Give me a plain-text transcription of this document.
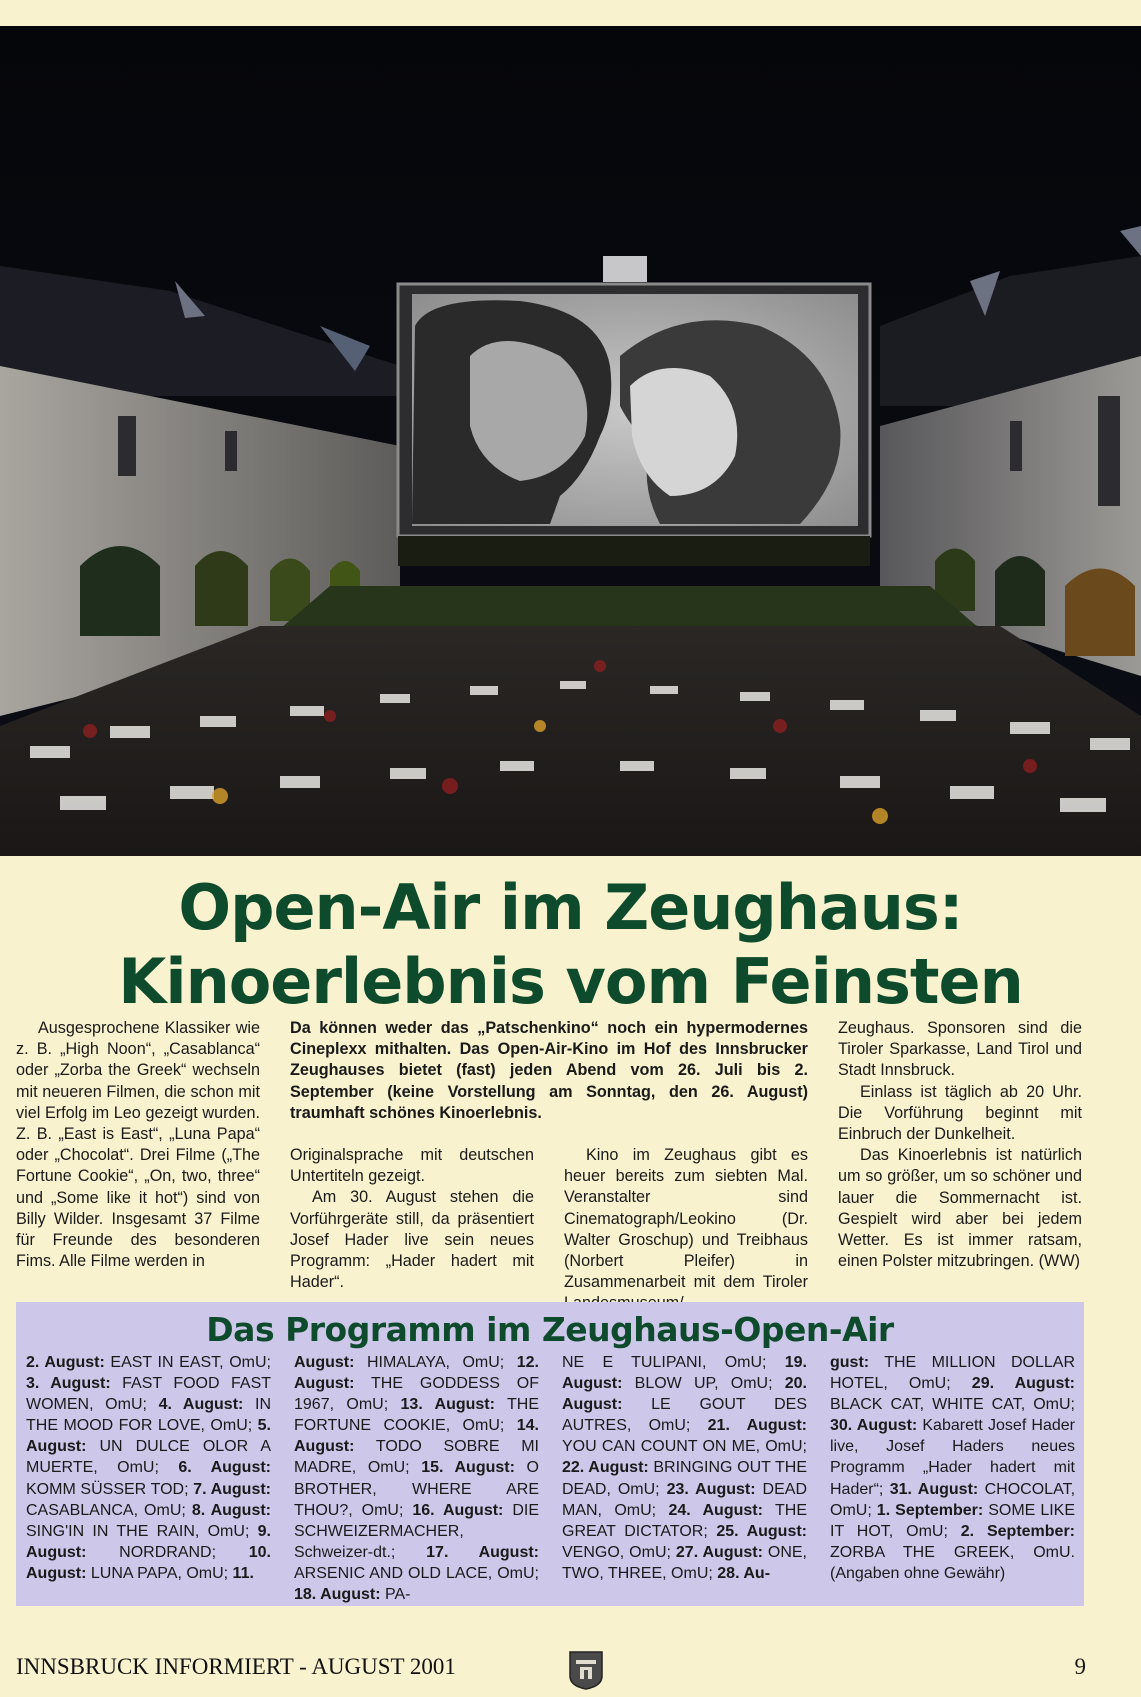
Open-Air im Zeughaus:
Kinoerlebnis vom Feinsten

Ausgesprochene Klassiker wie z. B. „High Noon“, „Casablanca“ oder „Zorba the Greek“ wechseln mit neueren Filmen, die schon mit viel Erfolg im Leo gezeigt wurden. Z. B. „East is East“, „Luna Papa“ oder „Chocolat“. Drei Filme („The Fortune Cookie“, „On, two, three“ und „Some like it hot“) sind von Billy Wilder. Insgesamt 37 Filme für Freunde des besonderen Fims. Alle Filme werden in

Da können weder das „Patschenkino“ noch ein hypermodernes Cineplexx mithalten. Das Open-Air-Kino im Hof des Innsbrucker Zeughauses bietet (fast) jeden Abend vom 26. Juli bis 2. September (keine Vorstellung am Sonntag, den 26. August) traumhaft schönes Kinoerlebnis.

Originalsprache mit deutschen Untertiteln gezeigt.

Am 30. August stehen die Vorführgeräte still, da präsentiert Josef Hader live sein neues Programm: „Hader hadert mit Hader“.

Kino im Zeughaus gibt es heuer bereits zum siebten Mal. Veranstalter sind Cinematograph/Leokino (Dr. Walter Groschup) und Treibhaus (Norbert Pleifer) in Zusammenarbeit mit dem Tiroler

Zeughaus. Sponsoren sind die Tiroler Sparkasse, Land Tirol und Stadt Innsbruck.

Einlass ist täglich ab 20 Uhr. Die Vorführung beginnt mit Einbruch der Dunkelheit.

Das Kinoerlebnis ist natürlich um so größer, um so schöner und lauer die Sommernacht ist. Gespielt wird aber bei jedem Wetter. Es ist immer ratsam, einen Polster mitzubringen. (WW)

Das Programm im Zeughaus-Open-Air
2. August: EAST IN EAST, OmU; 3. August: FAST FOOD FAST WOMEN, OmU; 4. August: IN THE MOOD FOR LOVE, OmU; 5. August: UN DULCE OLOR A MUERTE, OmU; 6. August: KOMM SÜSSER TOD; 7. August: CASABLANCA, OmU; 8. August: SING'IN IN THE RAIN, OmU; 9. August: NORDRAND; 10. August: LUNA PAPA, OmU; 11.
August: HIMALAYA, OmU; 12. August: THE GODDESS OF 1967, OmU; 13. August: THE FORTUNE COOKIE, OmU; 14. August: TODO SOBRE MI MADRE, OmU; 15. August: O BROTHER, WHERE ARE THOU?, OmU; 16. August: DIE SCHWEIZERMACHER, Schweizer-dt.; 17. August: ARSENIC AND OLD LACE, OmU; 18. August: PA-
NE E TULIPANI, OmU; 19. August: BLOW UP, OmU; 20. August: LE GOUT DES AUTRES, OmU; 21. August: YOU CAN COUNT ON ME, OmU; 22. August: BRINGING OUT THE DEAD, OmU; 23. August: DEAD MAN, OmU; 24. August: THE GREAT DICTATOR; 25. August: VENGO, OmU; 27. August: ONE, TWO, THREE, OmU; 28. Au-
gust: THE MILLION DOLLAR HOTEL, OmU; 29. August: BLACK CAT, WHITE CAT, OmU; 30. August: Kabarett Josef Hader live, Josef Haders neues Programm „Hader hadert mit Hader“; 31. August: CHOCOLAT, OmU; 1. September: SOME LIKE IT HOT, OmU; 2. September: ZORBA THE GREEK, OmU. (Angaben ohne Gewähr)
INNSBRUCK INFORMIERT - AUGUST 2001	9
